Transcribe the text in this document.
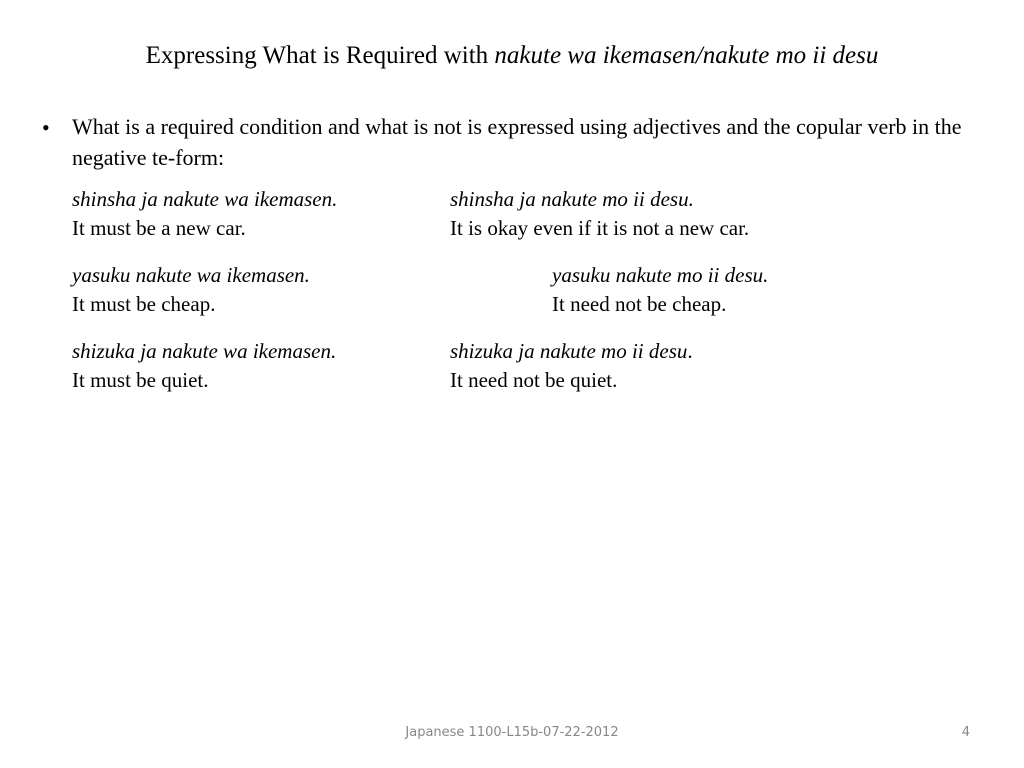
Expressing What is Required with nakute wa ikemasen/nakute mo ii desu
• What is a required condition and what is not is expressed using adjectives and the copular verb in the negative te-form:
shinsha ja nakute wa ikemasen.
It must be a new car.
shinsha ja nakute mo ii desu.
It is okay even if it is not a new car.
yasuku nakute wa ikemasen.
It must be cheap.
yasuku nakute mo ii desu.
It need not be cheap.
shizuka ja nakute wa ikemasen.
It must be quiet.
shizuka ja nakute mo ii desu.
It need not be quiet.
Japanese 1100-L15b-07-22-2012	4
